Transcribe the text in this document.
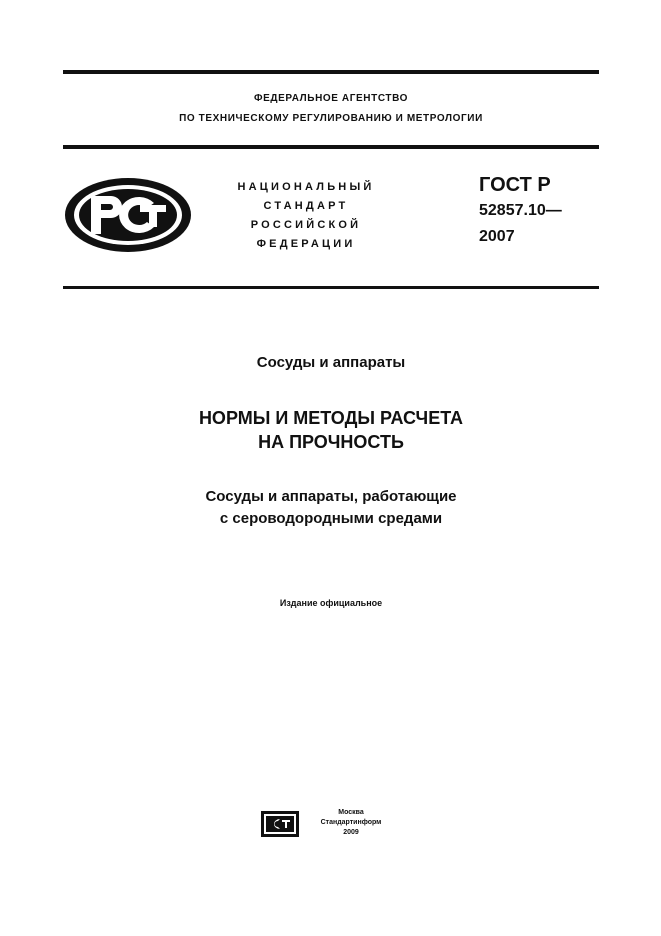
ФЕДЕРАЛЬНОЕ АГЕНТСТВО
ПО ТЕХНИЧЕСКОМУ РЕГУЛИРОВАНИЮ И МЕТРОЛОГИИ
НАЦИОНАЛЬНЫЙ
СТАНДАРТ
РОССИЙСКОЙ
ФЕДЕРАЦИИ
ГОСТ Р
52857.10—
2007
Сосуды и аппараты
НОРМЫ И МЕТОДЫ РАСЧЕТА
НА ПРОЧНОСТЬ
Сосуды и аппараты, работающие
с сероводородными средами
Издание официальное
Москва
Стандартинформ
2009
